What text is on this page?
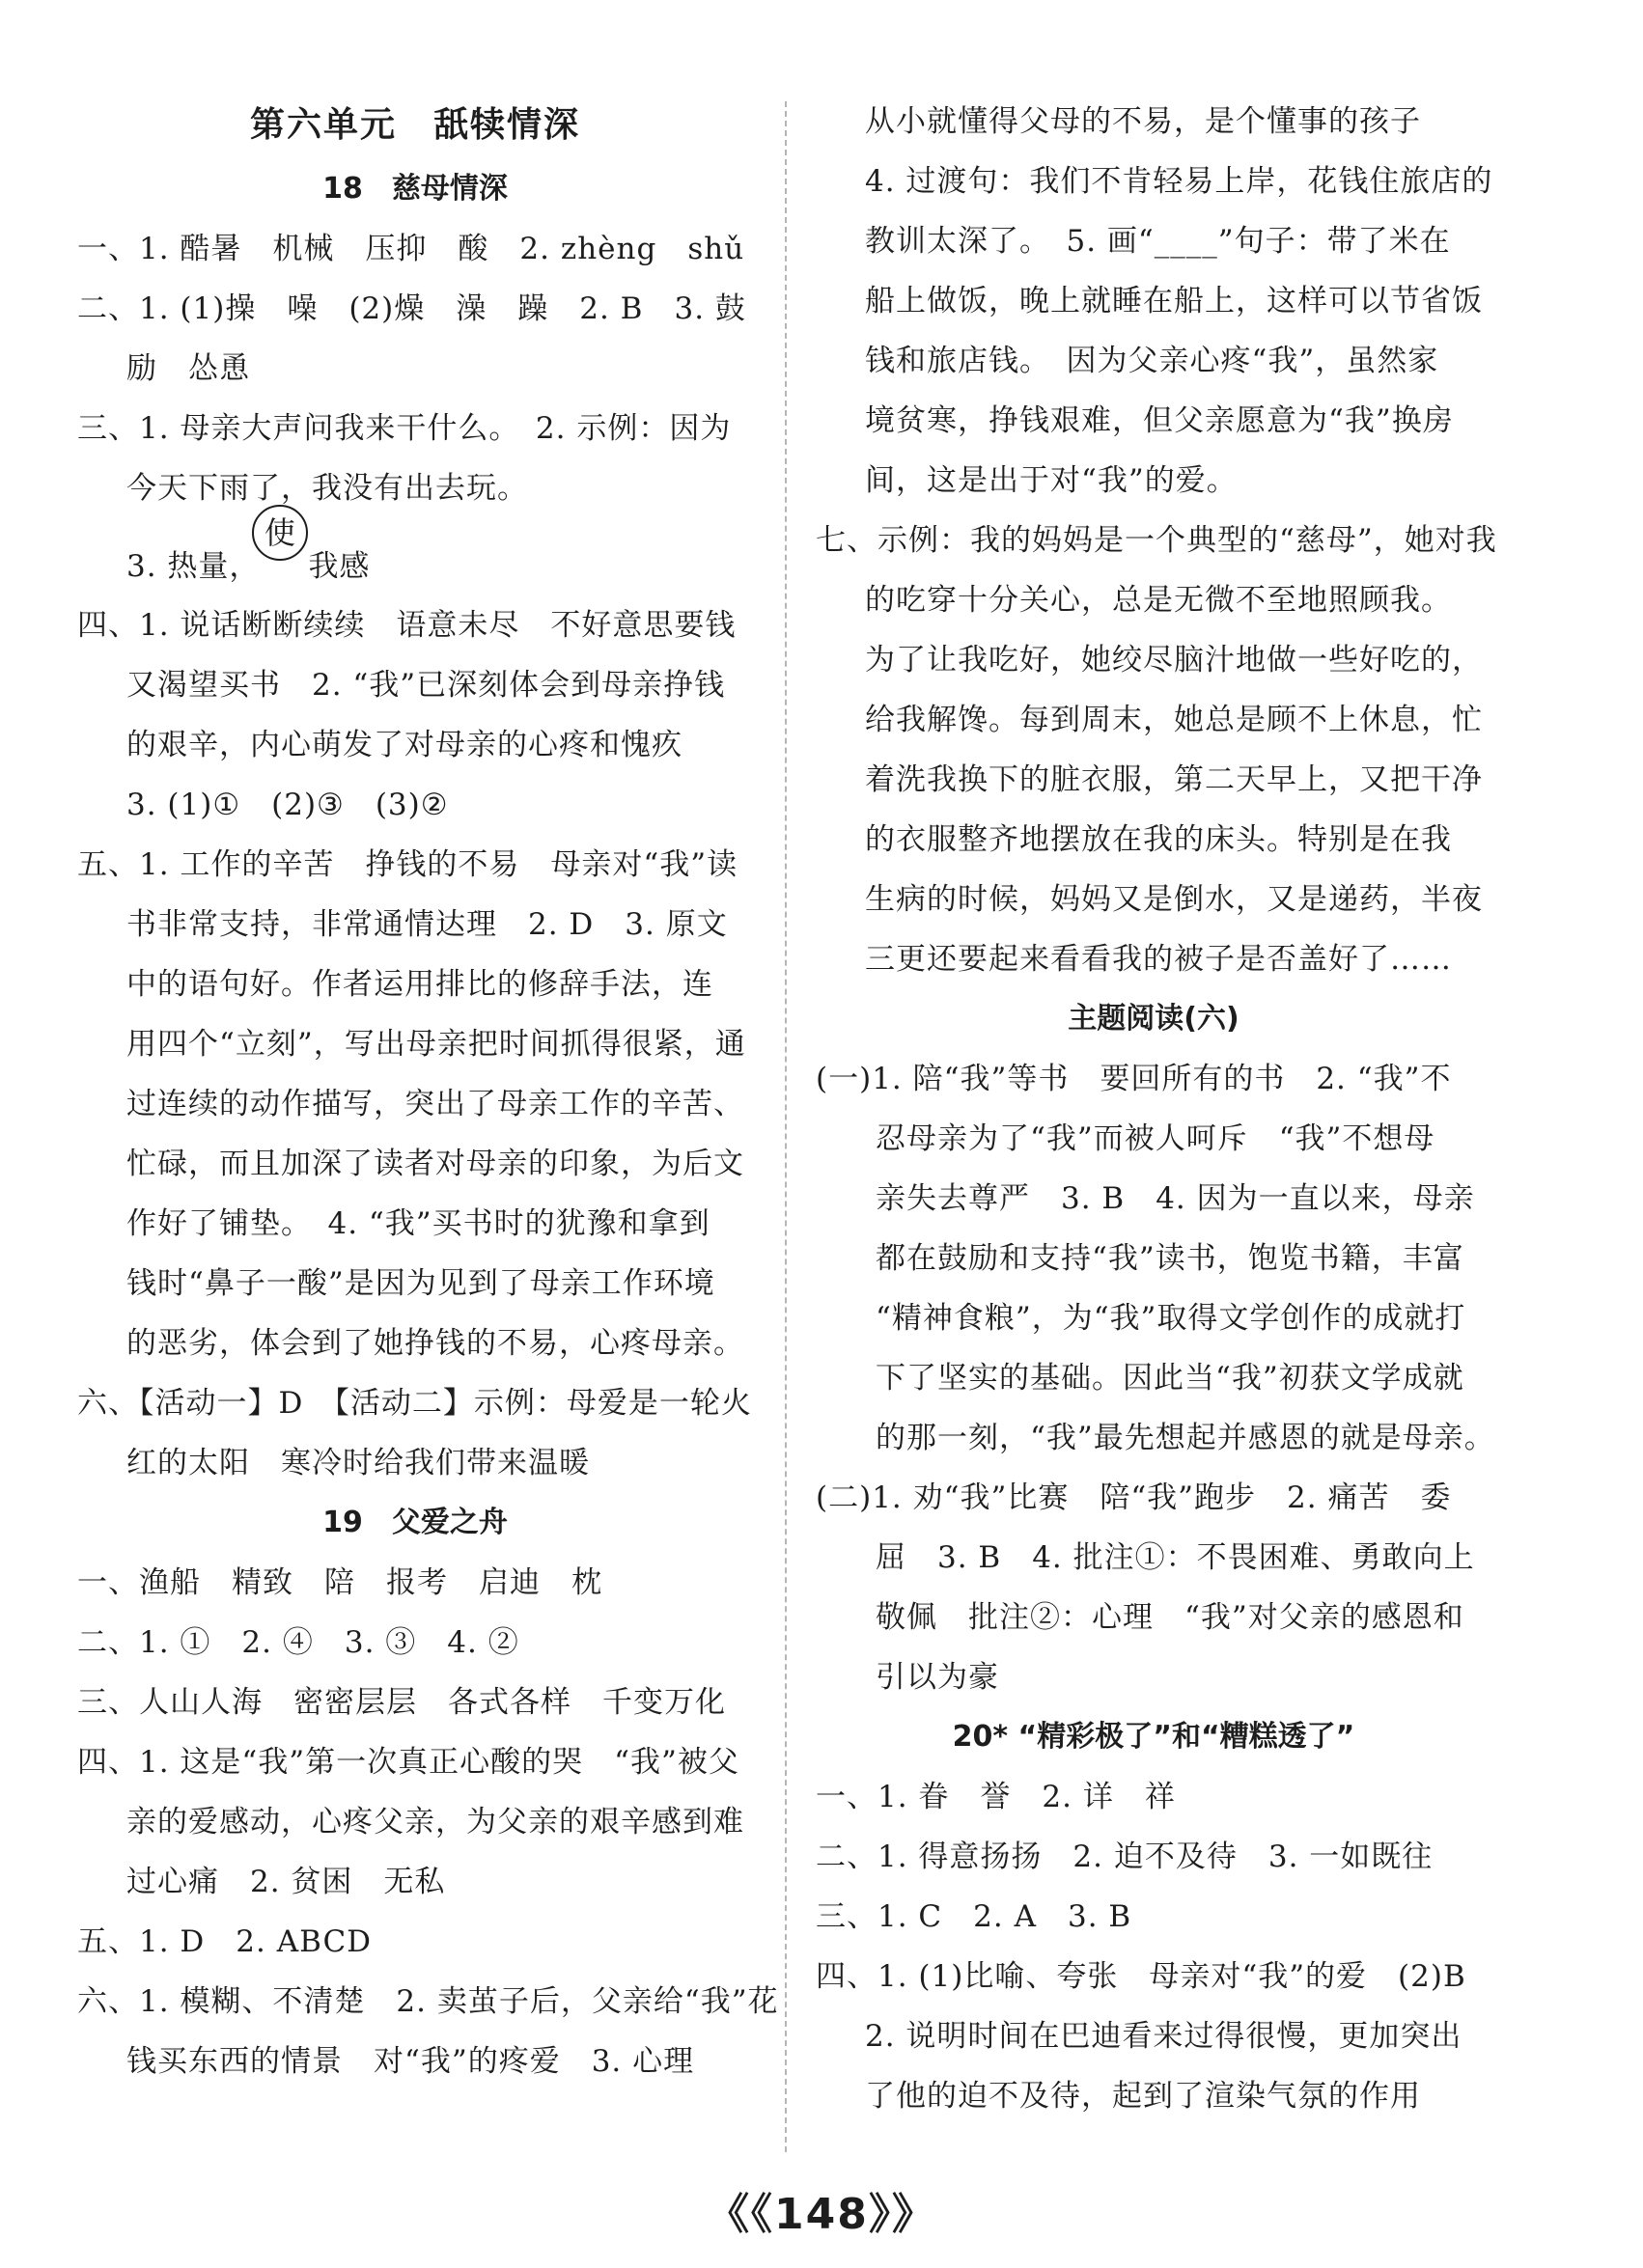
第六单元　舐犊情深
18　慈母情深
一、1. 酷暑　机械　压抑　酸　2. zhèng　shǔ
二、1. (1)操　噪　(2)燥　澡　躁　2. B　3. 鼓
励　怂恿
三、1. 母亲大声问我来干什么。　2. 示例：因为
今天下雨了，我没有出去玩。
3. 热量，使我感
四、1. 说话断断续续　语意未尽　不好意思要钱
又渴望买书　2. “我”已深刻体会到母亲挣钱
的艰辛，内心萌发了对母亲的心疼和愧疚
3. (1)①　(2)③　(3)②
五、1. 工作的辛苦　挣钱的不易　母亲对“我”读
书非常支持，非常通情达理　2. D　3. 原文
中的语句好。作者运用排比的修辞手法，连
用四个“立刻”，写出母亲把时间抓得很紧，通
过连续的动作描写，突出了母亲工作的辛苦、
忙碌，而且加深了读者对母亲的印象，为后文
作好了铺垫。　4. “我”买书时的犹豫和拿到
钱时“鼻子一酸”是因为见到了母亲工作环境
的恶劣，体会到了她挣钱的不易，心疼母亲。
六、【活动一】D　【活动二】示例：母爱是一轮火
红的太阳　寒冷时给我们带来温暖
19　父爱之舟
一、渔船　精致　陪　报考　启迪　枕
二、1. ①　2. ④　3. ③　4. ②
三、人山人海　密密层层　各式各样　千变万化
四、1. 这是“我”第一次真正心酸的哭　“我”被父
亲的爱感动，心疼父亲，为父亲的艰辛感到难
过心痛　2. 贫困　无私
五、1. D　2. ABCD
六、1. 模糊、不清楚　2. 卖茧子后，父亲给“我”花
钱买东西的情景　对“我”的疼爱　3. 心理
从小就懂得父母的不易，是个懂事的孩子
4. 过渡句：我们不肯轻易上岸，花钱住旅店的
教训太深了。　5. 画“____”句子：带了米在
船上做饭，晚上就睡在船上，这样可以节省饭
钱和旅店钱。　因为父亲心疼“我”，虽然家
境贫寒，挣钱艰难，但父亲愿意为“我”换房
间，这是出于对“我”的爱。
七、示例：我的妈妈是一个典型的“慈母”，她对我
的吃穿十分关心，总是无微不至地照顾我。
为了让我吃好，她绞尽脑汁地做一些好吃的，
给我解馋。每到周末，她总是顾不上休息，忙
着洗我换下的脏衣服，第二天早上，又把干净
的衣服整齐地摆放在我的床头。特别是在我
生病的时候，妈妈又是倒水，又是递药，半夜
三更还要起来看看我的被子是否盖好了……
主题阅读(六)
(一)1. 陪“我”等书　要回所有的书　2. “我”不
忍母亲为了“我”而被人呵斥　“我”不想母
亲失去尊严　3. B　4. 因为一直以来，母亲
都在鼓励和支持“我”读书，饱览书籍，丰富
“精神食粮”，为“我”取得文学创作的成就打
下了坚实的基础。因此当“我”初获文学成就
的那一刻，“我”最先想起并感恩的就是母亲。
(二)1. 劝“我”比赛　陪“我”跑步　2. 痛苦　委
屈　3. B　4. 批注①：不畏困难、勇敢向上
敬佩　批注②：心理　“我”对父亲的感恩和
引以为豪
20* “精彩极了”和“糟糕透了”
一、1. 眷　誉　2. 详　祥
二、1. 得意扬扬　2. 迫不及待　3. 一如既往
三、1. C　2. A　3. B
四、1. (1)比喻、夸张　母亲对“我”的爱　(2)B
2. 说明时间在巴迪看来过得很慢，更加突出
了他的迫不及待，起到了渲染气氛的作用
《《148》》
